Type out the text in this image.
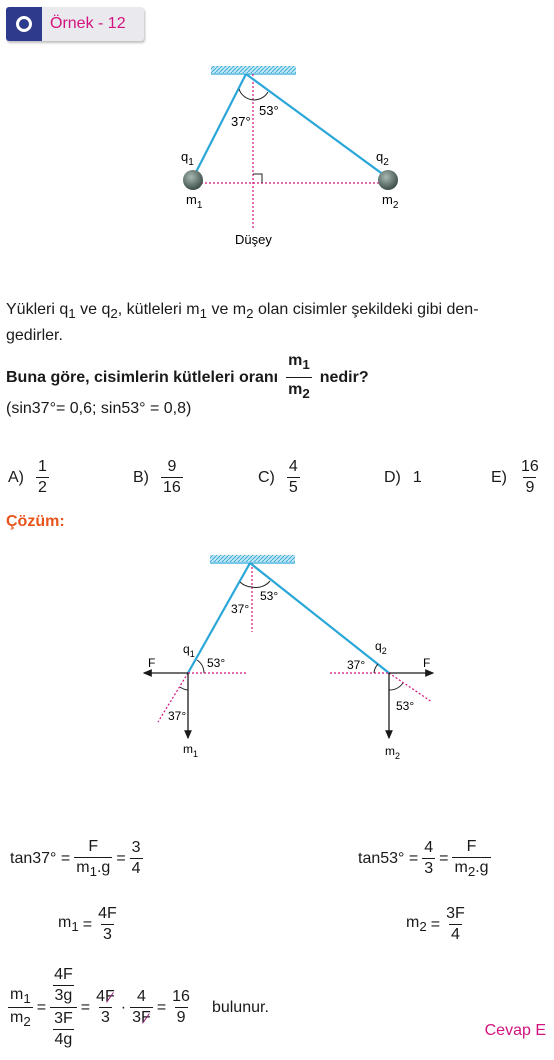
Örnek - 12
37°
53°
$q_1$	$q_2$
$m_1$	$m_2$
Düşey
Yükleri $q_1$ ve $q_2$, kütleleri $m_1$ ve $m_2$ olan cisimler şekildeki gibi den-
gedirler.
Buna göre, cisimlerin kütleleri oranı $\frac{m_1}{m_2}$ nedir?
(sin37°= 0,6; sin53° = 0,8)
$A) \frac{1}{2}$	$B) \frac{9}{16}$	$C) \frac{4}{5}$	D) 1	$E) \frac{16}{9}$
Çözüm:
37°
53°
$q_1$
F	53°
37°
$m_1$
$q_2$
F
37°
53°
$m_2$
$\tan 37^\circ = \frac{F}{m_1.g} = \frac{3}{4}$	$\tan 53^\circ = \frac{4}{3} = \frac{F}{m_2.g}$
$m_1 = \frac{4F}{3}$	$m_2 = \frac{3F}{4}$
$\frac{m_1}{m_2} = \frac{\frac{4F}{3g}}{\frac{3F}{4g}} = \frac{4F}{3} \cdot \frac{4}{3F} = \frac{16}{9}$ bulunur.
Cevap E
